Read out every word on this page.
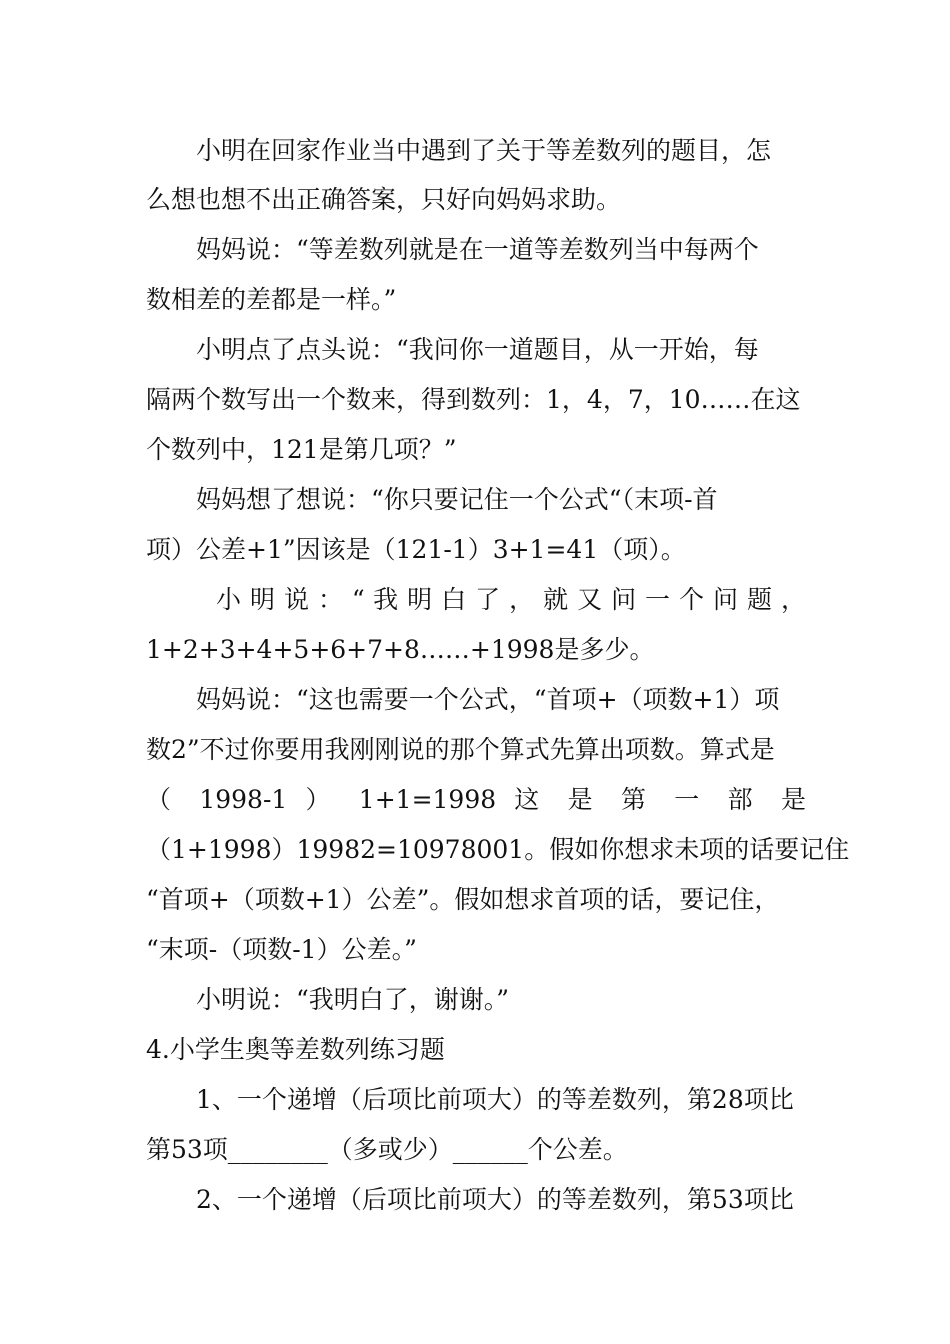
小明在回家作业当中遇到了关于等差数列的题目，怎
么想也想不出正确答案，只好向妈妈求助。
妈妈说：“等差数列就是在一道等差数列当中每两个
数相差的差都是一样。”
小明点了点头说：“我问你一道题目，从一开始，每
隔两个数写出一个数来，得到数列：1，4，7，10……在这
个数列中，121是第几项？”
妈妈想了想说：“你只要记住一个公式“（末项-首
项）公差+1”因该是（121-1）3+1=41（项）。
小 明 说 ： “ 我 明 白 了 ， 就 又 问 一 个 问 题 ，
1+2+3+4+5+6+7+8……+1998是多少。
妈妈说：“这也需要一个公式，“首项+（项数+1）项
数2”不过你要用我刚刚说的那个算式先算出项数。算式是
（ 1998-1 ） 1+1=1998 这 是 第 一 部 是
（1+1998）19982=10978001。假如你想求未项的话要记住
“首项+（项数+1）公差”。假如想求首项的话，要记住，
“末项-（项数-1）公差。”
小明说：“我明白了，谢谢。”
4.小学生奥等差数列练习题
1、一个递增（后项比前项大）的等差数列，第28项比
第53项________（多或少）______个公差。
2、一个递增（后项比前项大）的等差数列，第53项比
